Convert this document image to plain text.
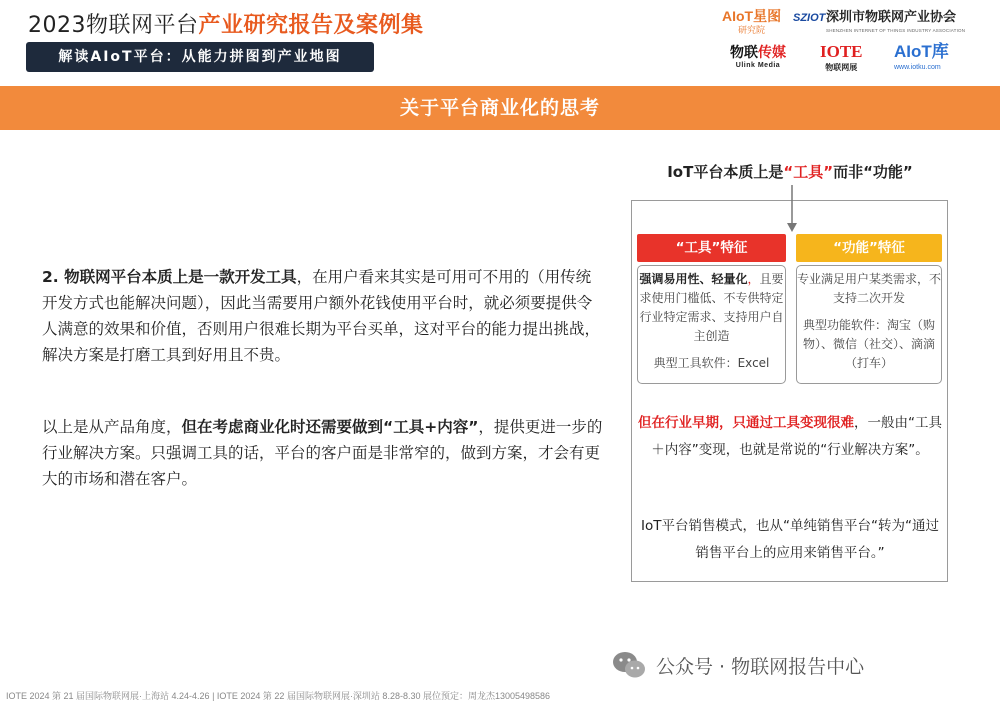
2023物联网平台产业研究报告及案例集
解读AIoT平台：从能力拼图到产业地图
AIoT星图
研究院
SZIOT 深圳市物联网产业协会
SHENZHEN INTERNET OF THINGS INDUSTRY ASSOCIATION
物联传媒
Ulink Media
IOTE
物联网展
AIoT库
www.iotku.com
关于平台商业化的思考
2. 物联网平台本质上是一款开发工具，在用户看来其实是可用可不用的（用传统开发方式也能解决问题），因此当需要用户额外花钱使用平台时，就必须要提供令人满意的效果和价值，否则用户很难长期为平台买单，这对平台的能力提出挑战，解决方案是打磨工具到好用且不贵。
以上是从产品角度，但在考虑商业化时还需要做到“工具+内容”，提供更进一步的行业解决方案。只强调工具的话，平台的客户面是非常窄的，做到方案，才会有更大的市场和潜在客户。
IoT平台本质上是“工具”而非“功能”
“工具”特征	“功能”特征
强调易用性、轻量化，且要求使用门槛低、不专供特定行业特定需求、支持用户自主创造
典型工具软件：Excel
专业满足用户某类需求，不支持二次开发
典型功能软件：淘宝（购物）、微信（社交）、滴滴（打车）
但在行业早期，只通过工具变现很难，一般由“工具＋内容”变现，也就是常说的“行业解决方案”。
IoT平台销售模式，也从“单纯销售平台“转为“通过销售平台上的应用来销售平台。”
IOTE 2024 第 21 届国际物联网展·上海站 4.24-4.26 | IOTE 2024 第 22 届国际物联网展·深圳站 8.28-8.30 展位预定：周龙杰13005498586
公众号 · 物联网报告中心
